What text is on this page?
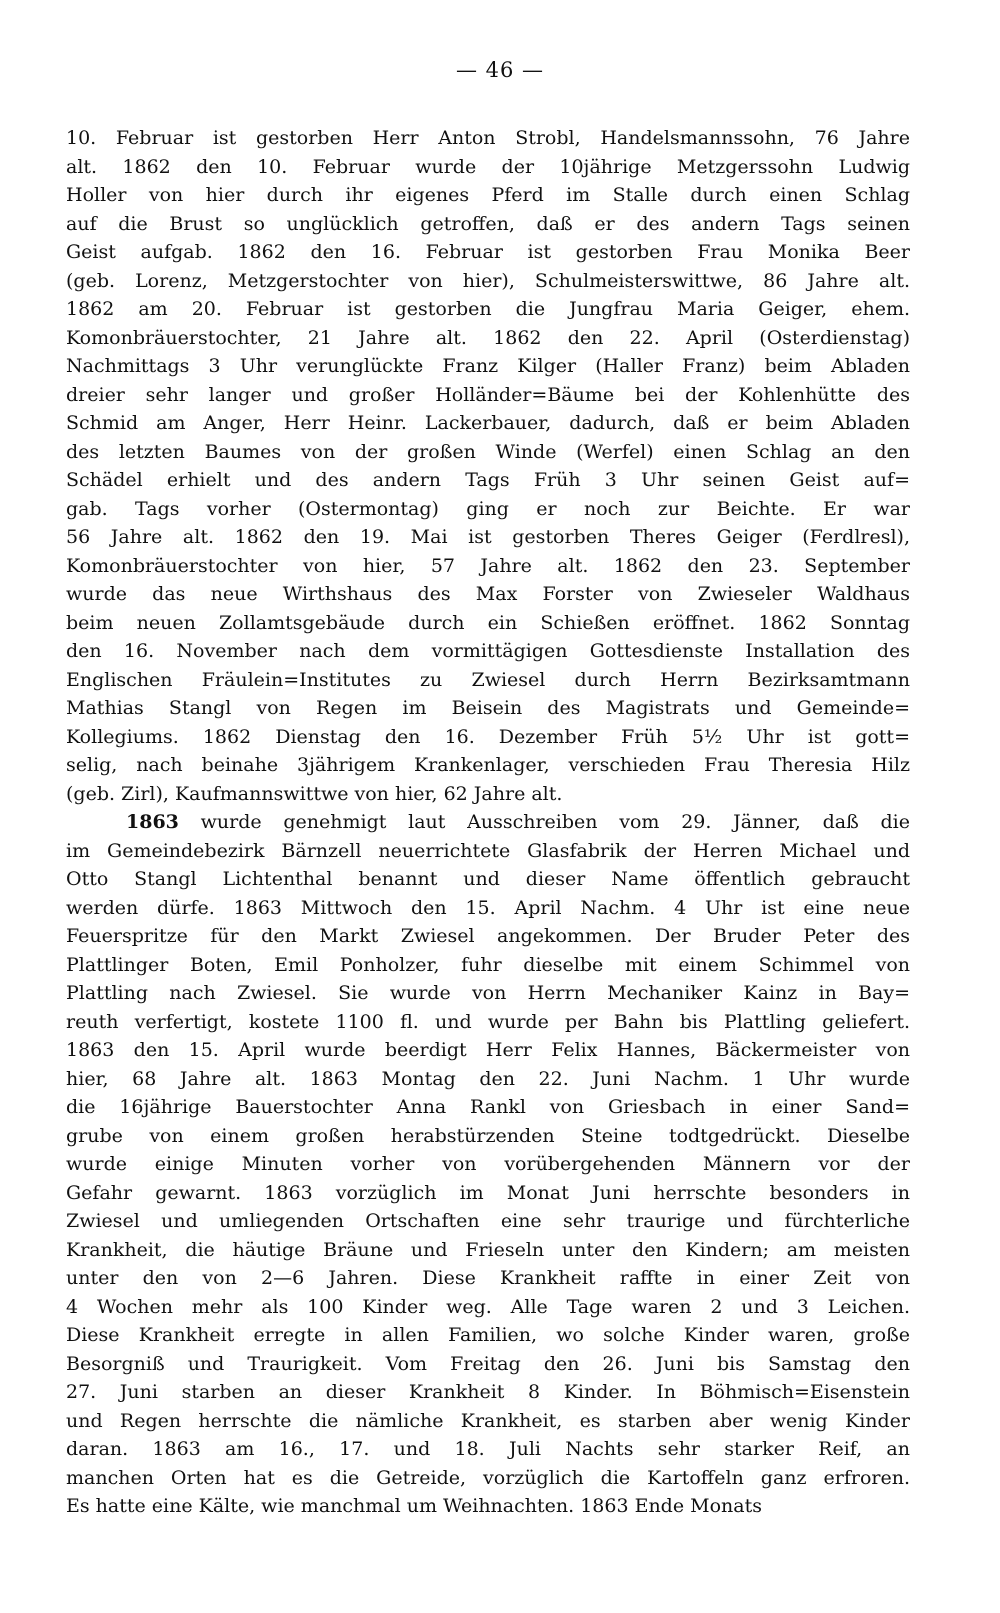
— 46 —
10. Februar ist gestorben Herr Anton Strobl, Handelsmannssohn, 76 Jahre
alt. 1862 den 10. Februar wurde der 10jährige Metzgerssohn Ludwig
Holler von hier durch ihr eigenes Pferd im Stalle durch einen Schlag
auf die Brust so unglücklich getroffen, daß er des andern Tags seinen
Geist aufgab. 1862 den 16. Februar ist gestorben Frau Monika Beer
(geb. Lorenz, Metzgerstochter von hier), Schulmeisterswittwe, 86 Jahre alt.
1862 am 20. Februar ist gestorben die Jungfrau Maria Geiger, ehem.
Komonbräuerstochter, 21 Jahre alt. 1862 den 22. April (Osterdienstag)
Nachmittags 3 Uhr verunglückte Franz Kilger (Haller Franz) beim Abladen
dreier sehr langer und großer Holländer=Bäume bei der Kohlenhütte des
Schmid am Anger, Herr Heinr. Lackerbauer, dadurch, daß er beim Abladen
des letzten Baumes von der großen Winde (Werfel) einen Schlag an den
Schädel erhielt und des andern Tags Früh 3 Uhr seinen Geist auf=
gab. Tags vorher (Ostermontag) ging er noch zur Beichte. Er war
56 Jahre alt. 1862 den 19. Mai ist gestorben Theres Geiger (Ferdlresl),
Komonbräuerstochter von hier, 57 Jahre alt. 1862 den 23. September
wurde das neue Wirthshaus des Max Forster von Zwieseler Waldhaus
beim neuen Zollamtsgebäude durch ein Schießen eröffnet. 1862 Sonntag
den 16. November nach dem vormittägigen Gottesdienste Installation des
Englischen Fräulein=Institutes zu Zwiesel durch Herrn Bezirksamtmann
Mathias Stangl von Regen im Beisein des Magistrats und Gemeinde=
Kollegiums. 1862 Dienstag den 16. Dezember Früh 5½ Uhr ist gott=
selig, nach beinahe 3jährigem Krankenlager, verschieden Frau Theresia Hilz
(geb. Zirl), Kaufmannswittwe von hier, 62 Jahre alt.
1863 wurde genehmigt laut Ausschreiben vom 29. Jänner, daß die
im Gemeindebezirk Bärnzell neuerrichtete Glasfabrik der Herren Michael und
Otto Stangl Lichtenthal benannt und dieser Name öffentlich gebraucht
werden dürfe. 1863 Mittwoch den 15. April Nachm. 4 Uhr ist eine neue
Feuerspritze für den Markt Zwiesel angekommen. Der Bruder Peter des
Plattlinger Boten, Emil Ponholzer, fuhr dieselbe mit einem Schimmel von
Plattling nach Zwiesel. Sie wurde von Herrn Mechaniker Kainz in Bay=
reuth verfertigt, kostete 1100 fl. und wurde per Bahn bis Plattling geliefert.
1863 den 15. April wurde beerdigt Herr Felix Hannes, Bäckermeister von
hier, 68 Jahre alt. 1863 Montag den 22. Juni Nachm. 1 Uhr wurde
die 16jährige Bauerstochter Anna Rankl von Griesbach in einer Sand=
grube von einem großen herabstürzenden Steine todtgedrückt. Dieselbe
wurde einige Minuten vorher von vorübergehenden Männern vor der
Gefahr gewarnt. 1863 vorzüglich im Monat Juni herrschte besonders in
Zwiesel und umliegenden Ortschaften eine sehr traurige und fürchterliche
Krankheit, die häutige Bräune und Frieseln unter den Kindern; am meisten
unter den von 2—6 Jahren. Diese Krankheit raffte in einer Zeit von
4 Wochen mehr als 100 Kinder weg. Alle Tage waren 2 und 3 Leichen.
Diese Krankheit erregte in allen Familien, wo solche Kinder waren, große
Besorgniß und Traurigkeit. Vom Freitag den 26. Juni bis Samstag den
27. Juni starben an dieser Krankheit 8 Kinder. In Böhmisch=Eisenstein
und Regen herrschte die nämliche Krankheit, es starben aber wenig Kinder
daran. 1863 am 16., 17. und 18. Juli Nachts sehr starker Reif, an
manchen Orten hat es die Getreide, vorzüglich die Kartoffeln ganz erfroren.
Es hatte eine Kälte, wie manchmal um Weihnachten. 1863 Ende Monats
